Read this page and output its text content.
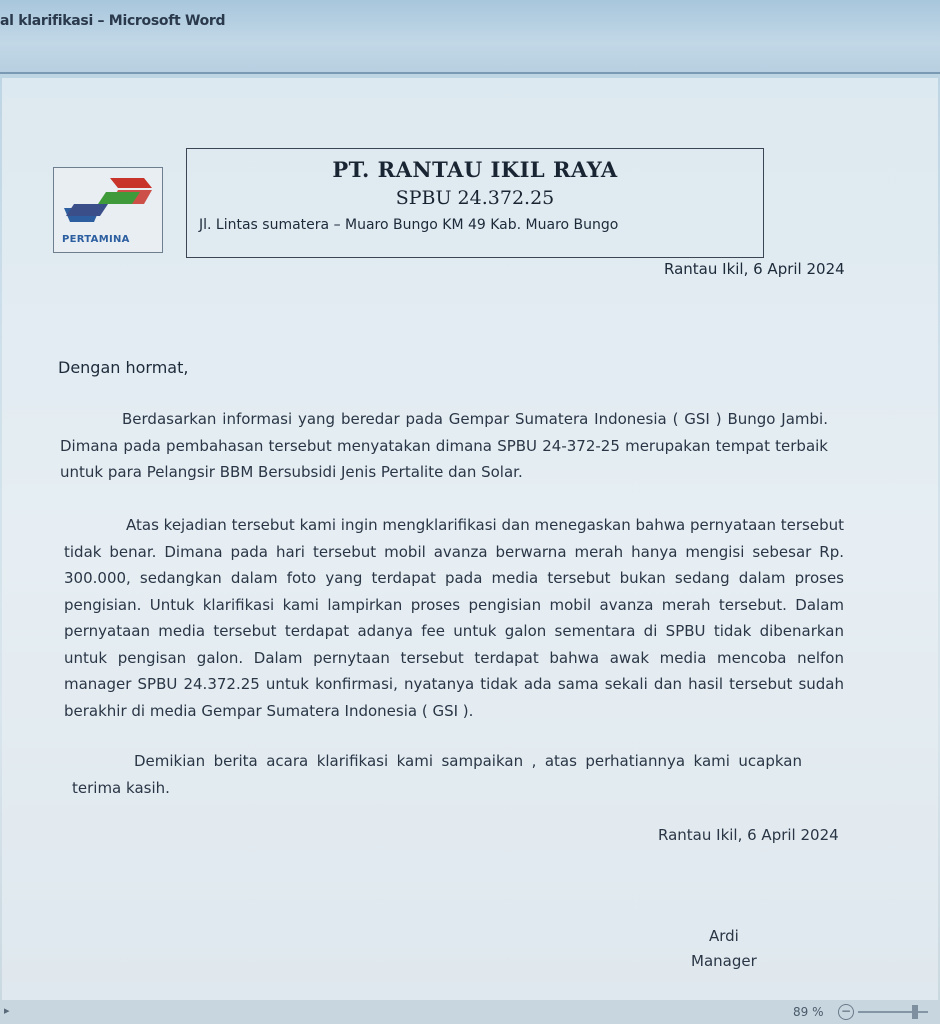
al klarifikasi – Microsoft Word
PERTAMINA
PT. RANTAU IKIL RAYA
SPBU 24.372.25
Jl. Lintas sumatera – Muaro Bungo KM 49 Kab. Muaro Bungo
Rantau Ikil, 6 April 2024
Dengan hormat,
Berdasarkan informasi yang beredar pada Gempar Sumatera Indonesia ( GSI ) Bungo Jambi. Dimana pada pembahasan tersebut menyatakan dimana SPBU 24-372-25 merupakan tempat terbaik untuk para Pelangsir BBM Bersubsidi Jenis Pertalite dan Solar.
Atas kejadian tersebut kami ingin mengklarifikasi dan menegaskan bahwa pernyataan tersebut tidak benar. Dimana pada hari tersebut mobil avanza berwarna merah hanya mengisi sebesar Rp. 300.000, sedangkan dalam foto yang terdapat pada media tersebut bukan sedang dalam proses pengisian. Untuk klarifikasi kami lampirkan proses pengisian mobil avanza merah tersebut. Dalam pernyataan media tersebut terdapat adanya fee untuk galon sementara di SPBU tidak dibenarkan untuk pengisan galon. Dalam pernytaan tersebut terdapat bahwa awak media mencoba nelfon manager SPBU 24.372.25 untuk konfirmasi, nyatanya tidak ada sama sekali dan hasil tersebut sudah berakhir di media Gempar Sumatera Indonesia ( GSI ).
Demikian berita acara klarifikasi kami sampaikan , atas perhatiannya kami ucapkan terima kasih.
Rantau Ikil, 6 April 2024
Ardi
Manager
▸	89 % −
